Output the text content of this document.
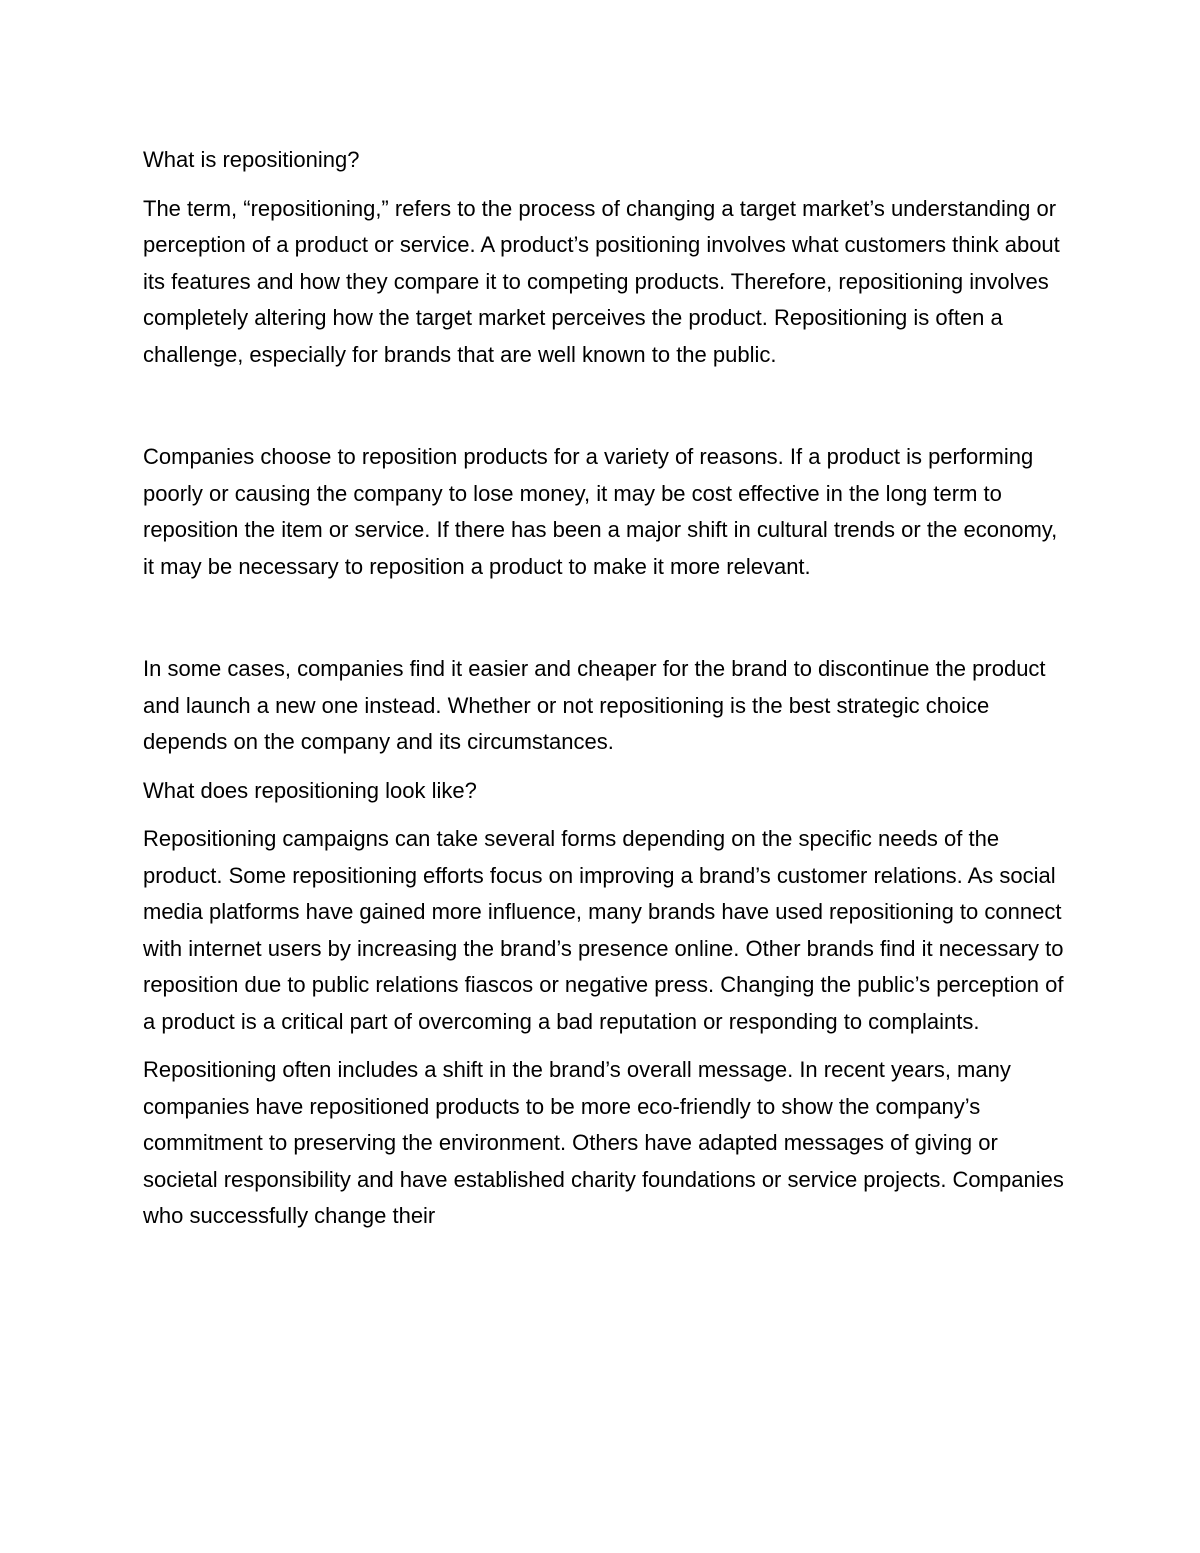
What is repositioning?

The term, “repositioning,” refers to the process of changing a target market’s understanding or perception of a product or service. A product’s positioning involves what customers think about its features and how they compare it to competing products. Therefore, repositioning involves completely altering how the target market perceives the product. Repositioning is often a challenge, especially for brands that are well known to the public.

Companies choose to reposition products for a variety of reasons. If a product is performing poorly or causing the company to lose money, it may be cost effective in the long term to reposition the item or service. If there has been a major shift in cultural trends or the economy, it may be necessary to reposition a product to make it more relevant.

In some cases, companies find it easier and cheaper for the brand to discontinue the product and launch a new one instead. Whether or not repositioning is the best strategic choice depends on the company and its circumstances.

What does repositioning look like?

Repositioning campaigns can take several forms depending on the specific needs of the product. Some repositioning efforts focus on improving a brand’s customer relations. As social media platforms have gained more influence, many brands have used repositioning to connect with internet users by increasing the brand’s presence online. Other brands find it necessary to reposition due to public relations fiascos or negative press. Changing the public’s perception of a product is a critical part of overcoming a bad reputation or responding to complaints.

Repositioning often includes a shift in the brand’s overall message. In recent years, many companies have repositioned products to be more eco-friendly to show the company’s commitment to preserving the environment. Others have adapted messages of giving or societal responsibility and have established charity foundations or service projects. Companies who successfully change their
